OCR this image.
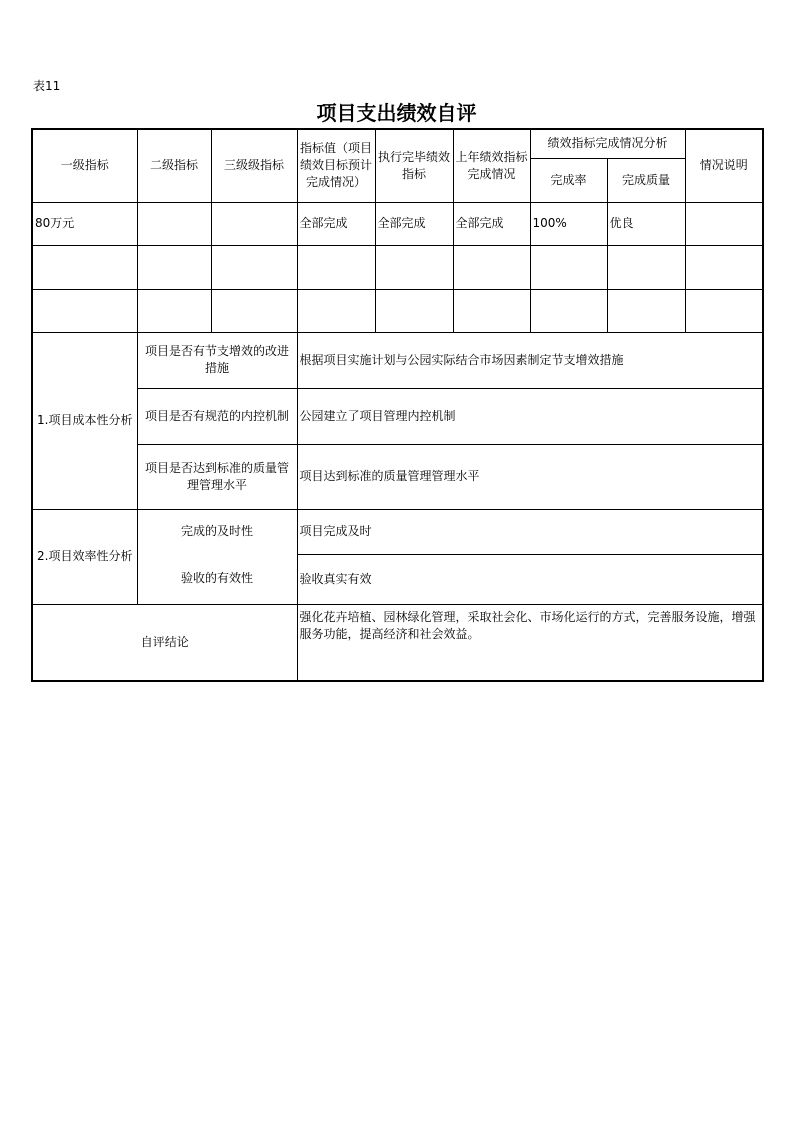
表11
项目支出绩效自评
一级指标	二级指标	三级级指标	指标值（项目绩效目标预计完成情况）	执行完毕绩效指标	上年绩效指标完成情况	绩效指标完成情况分析		情况说明
						完成率	完成质量	
80万元			全部完成	全部完成	全部完成	100%	优良	

1.项目成本性分析	项目是否有节支增效的改进措施		根据项目实施计划与公园实际结合市场因素制定节支增效措施					
	项目是否有规范的内控机制		公园建立了项目管理内控机制					
	项目是否达到标准的质量管理管理水平		项目达到标准的质量管理管理水平					
2.项目效率性分析	完成的及时性		项目完成及时					
	验收的有效性		验收真实有效					
自评结论			强化花卉培植、园林绿化管理，采取社会化、市场化运行的方式，完善服务设施，增强服务功能，提高经济和社会效益。					
